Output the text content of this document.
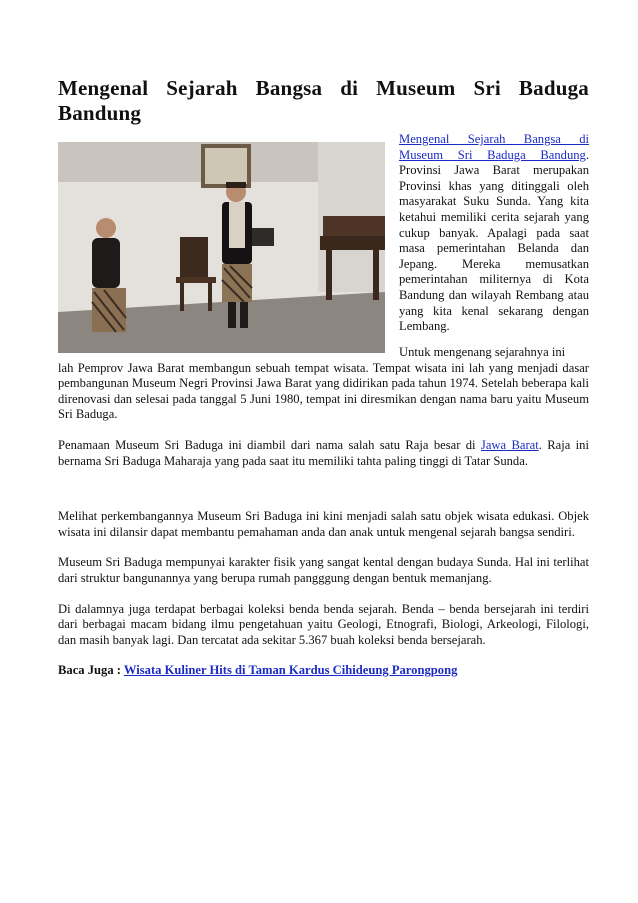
Mengenal Sejarah Bangsa di Museum Sri Baduga Bandung
Mengenal Sejarah Bangsa di Museum Sri Baduga Bandung. Provinsi Jawa Barat merupakan Provinsi khas yang ditinggali oleh masyarakat Suku Sunda. Yang kita ketahui memiliki cerita sejarah yang cukup banyak. Apalagi pada saat masa pemerintahan Belanda dan Jepang. Mereka memusatkan pemerintahan militernya di Kota Bandung dan wilayah Rembang atau yang kita kenal sekarang dengan Lembang.

Untuk mengenang sejarahnya ini
lah Pemprov Jawa Barat membangun sebuah tempat wisata. Tempat wisata ini lah yang menjadi dasar pembangunan Museum Negri Provinsi Jawa Barat yang didirikan pada tahun 1974. Setelah beberapa kali direnovasi dan selesai pada tanggal 5 Juni 1980, tempat ini diresmikan dengan nama baru yaitu Museum Sri Baduga.

Penamaan Museum Sri Baduga ini diambil dari nama salah satu Raja besar di Jawa Barat. Raja ini bernama Sri Baduga Maharaja yang pada saat itu memiliki tahta paling tinggi di Tatar Sunda.

Melihat perkembangannya Museum Sri Baduga ini kini menjadi salah satu objek wisata edukasi. Objek wisata ini dilansir dapat membantu pemahaman anda dan anak untuk mengenal sejarah bangsa sendiri.

Museum Sri Baduga mempunyai karakter fisik yang sangat kental dengan budaya Sunda. Hal ini terlihat dari struktur bangunannya yang berupa rumah pangggung dengan bentuk memanjang.

Di dalamnya juga terdapat berbagai koleksi benda benda sejarah. Benda – benda bersejarah ini terdiri dari berbagai macam bidang ilmu pengetahuan yaitu Geologi, Etnografi, Biologi, Arkeologi, Filologi, dan masih banyak lagi. Dan tercatat ada sekitar 5.367 buah koleksi benda bersejarah.

Baca Juga : Wisata Kuliner Hits di Taman Kardus Cihideung Parongpong
